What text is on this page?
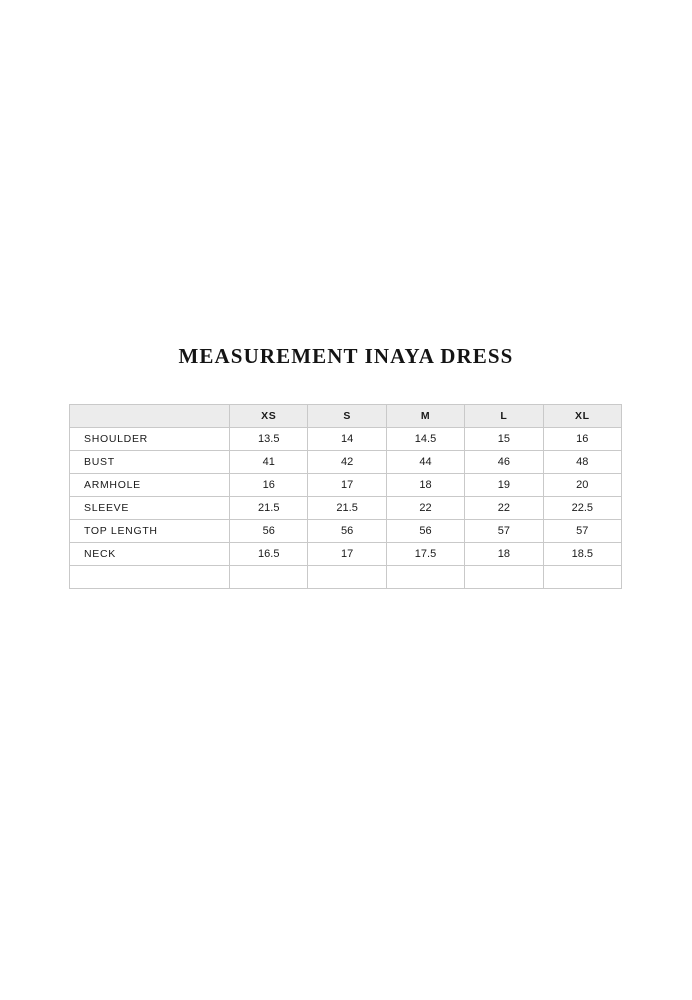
MEASUREMENT INAYA DRESS
	XS	S	M	L	XL
SHOULDER	13.5	14	14.5	15	16
BUST	41	42	44	46	48
ARMHOLE	16	17	18	19	20
SLEEVE	21.5	21.5	22	22	22.5
TOP LENGTH	56	56	56	57	57
NECK	16.5	17	17.5	18	18.5
